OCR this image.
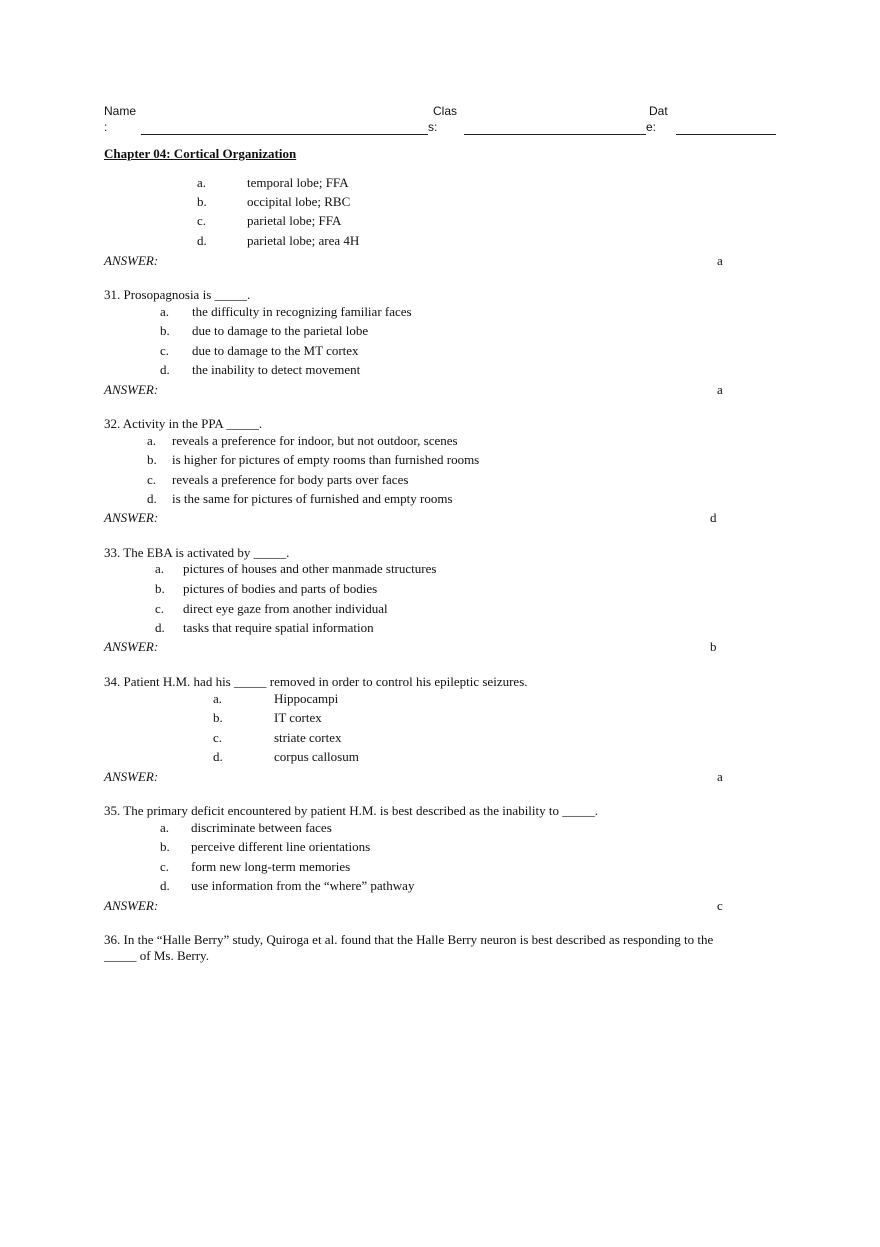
Name
:
Clas
s:
Dat
e:
Chapter 04: Cortical Organization
a.	temporal lobe; FFA
b.	occipital lobe; RBC
c.	parietal lobe; FFA
d.	parietal lobe; area 4H
ANSWER:	a
31. Prosopagnosia is _____.
a. the difficulty in recognizing familiar faces
b. due to damage to the parietal lobe
c. due to damage to the MT cortex
d. the inability to detect movement
ANSWER:	a
32. Activity in the PPA _____.
a. reveals a preference for indoor, but not outdoor, scenes
b. is higher for pictures of empty rooms than furnished rooms
c. reveals a preference for body parts over faces
d. is the same for pictures of furnished and empty rooms
ANSWER:	d
33. The EBA is activated by _____.
a. pictures of houses and other manmade structures
b. pictures of bodies and parts of bodies
c. direct eye gaze from another individual
d. tasks that require spatial information
ANSWER:	b
34. Patient H.M. had his _____ removed in order to control his epileptic seizures.
a.	Hippocampi
b.	IT cortex
c.	striate cortex
d.	corpus callosum
ANSWER:	a
35. The primary deficit encountered by patient H.M. is best described as the inability to _____.
a. discriminate between faces
b. perceive different line orientations
c. form new long-term memories
d. use information from the “where” pathway
ANSWER:	c
36. In the “Halle Berry” study, Quiroga et al. found that the Halle Berry neuron is best described as responding to the
_____ of Ms. Berry.
